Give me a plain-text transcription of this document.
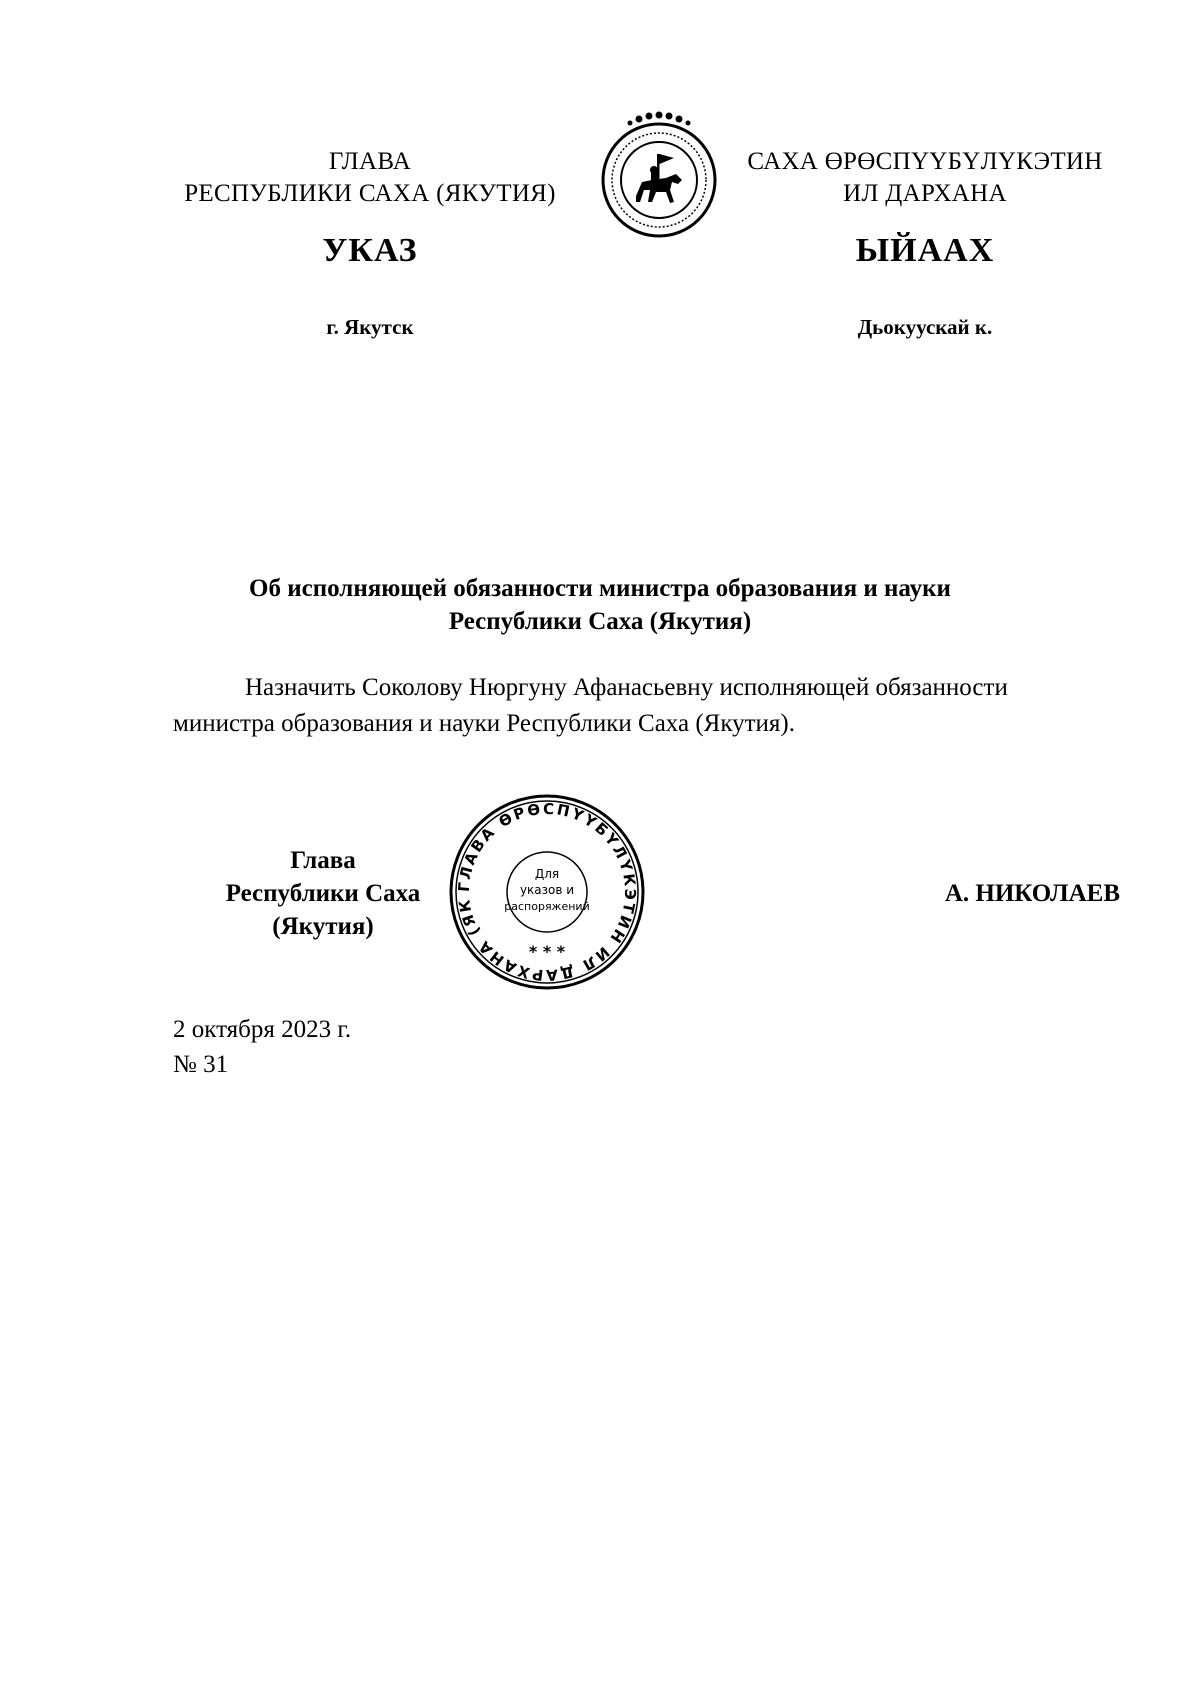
ГЛАВА
РЕСПУБЛИКИ САХА (ЯКУТИЯ)
САХА ӨРӨСПҮҮБҮЛҮКЭТИН
ИЛ ДАРХАНА
УКАЗ	ЫЙААХ
г. Якутск	Дьокуускай к.
Об исполняющей обязанности министра образования и науки
Республики Саха (Якутия)
Назначить Соколову Нюргуну Афанасьевну исполняющей обязанности
министра образования и науки Республики Саха (Якутия).
Глава
Республики Саха (Якутия)
А. НИКОЛАЕВ
ГЛАВА ӨРӨСПҮҮБҮЛҮКЭТИН ИЛ ДАРХАНА (ЯК
Для
указов и
распоряжений
* * *
2 октября 2023 г.
№ 31
